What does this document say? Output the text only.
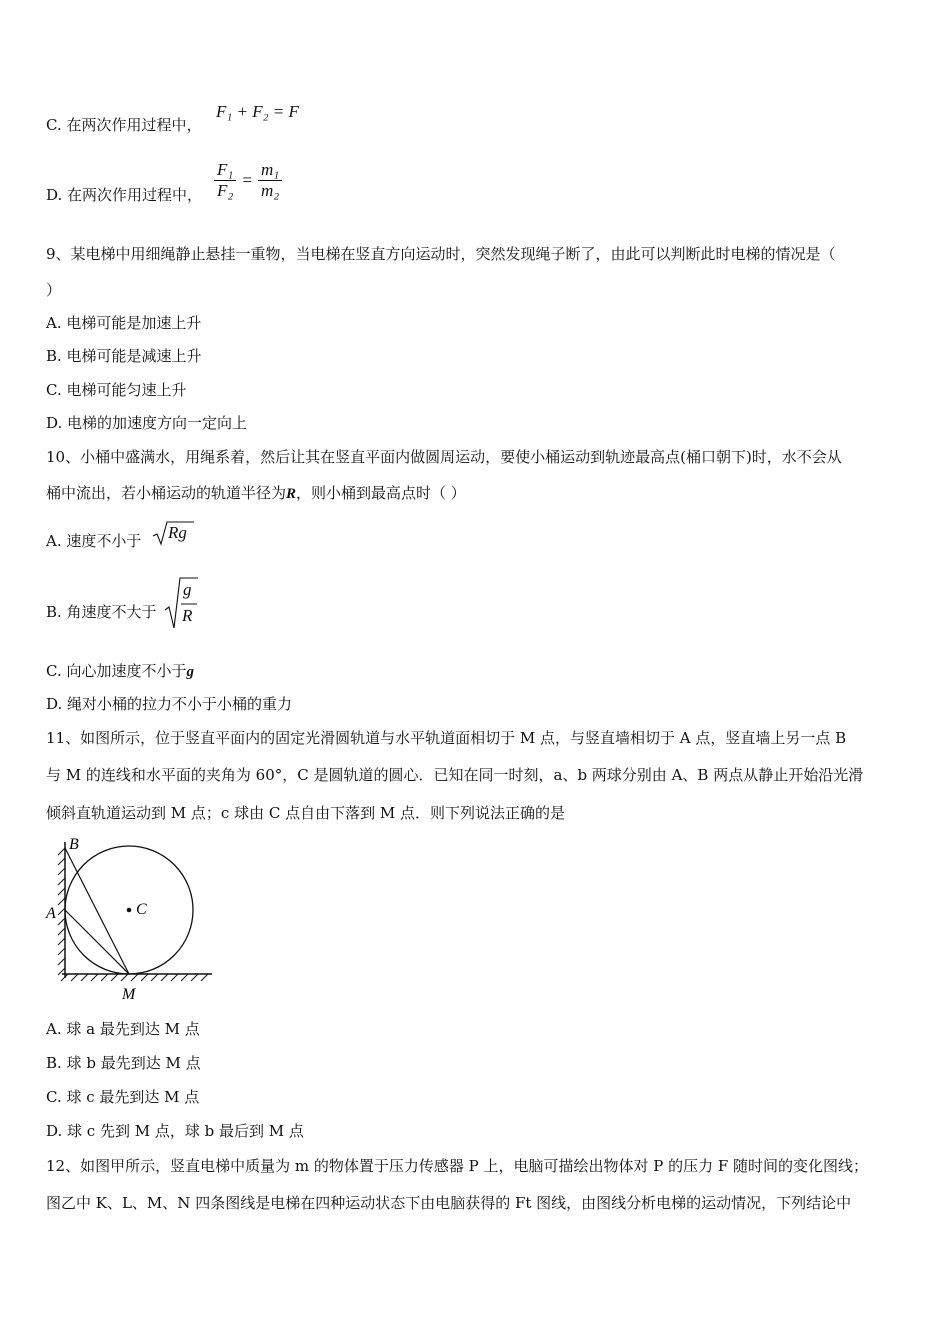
C. 在两次作用过程中，
F₁ + F₂ = F
D. 在两次作用过程中， $\frac{\text{F₁}}{\text{F₂}} = \frac{\text{m₁}}{\text{m₂}}$
9、某电梯中用细绳静止悬挂一重物，当电梯在竖直方向运动时，突然发现绳子断了，由此可以判断此时电梯的情况是（
）
A. 电梯可能是加速上升
B. 电梯可能是减速上升
C. 电梯可能匀速上升
D. 电梯的加速度方向一定向上
10、小桶中盛满水，用绳系着，然后让其在竖直平面内做圆周运动，要使小桶运动到轨迹最高点(桶口朝下)时，水不会从
桶中流出，若小桶运动的轨道半径为R，则小桶到最高点时（ ）
A. 速度不小于 Rg
B. 角速度不大于
g
R
C. 向心加速度不小于g
D. 绳对小桶的拉力不小于小桶的重力
11、如图所示，位于竖直平面内的固定光滑圆轨道与水平轨道面相切于 M 点，与竖直墙相切于 A 点，竖直墙上另一点 B
与 M 的连线和水平面的夹角为 60°，C 是圆轨道的圆心．已知在同一时刻，a、b 两球分别由 A、B 两点从静止开始沿光滑
倾斜直轨道运动到 M 点；c 球由 C 点自由下落到 M 点．则下列说法正确的是
B
A	C
M
A. 球 a 最先到达 M 点
B. 球 b 最先到达 M 点
C. 球 c 最先到达 M 点
D. 球 c 先到 M 点，球 b 最后到 M 点
12、如图甲所示，竖直电梯中质量为 m 的物体置于压力传感器 P 上，电脑可描绘出物体对 P 的压力 F 随时间的变化图线；
图乙中 K、L、M、N 四条图线是电梯在四种运动状态下由电脑获得的 Ft 图线，由图线分析电梯的运动情况，下列结论中
